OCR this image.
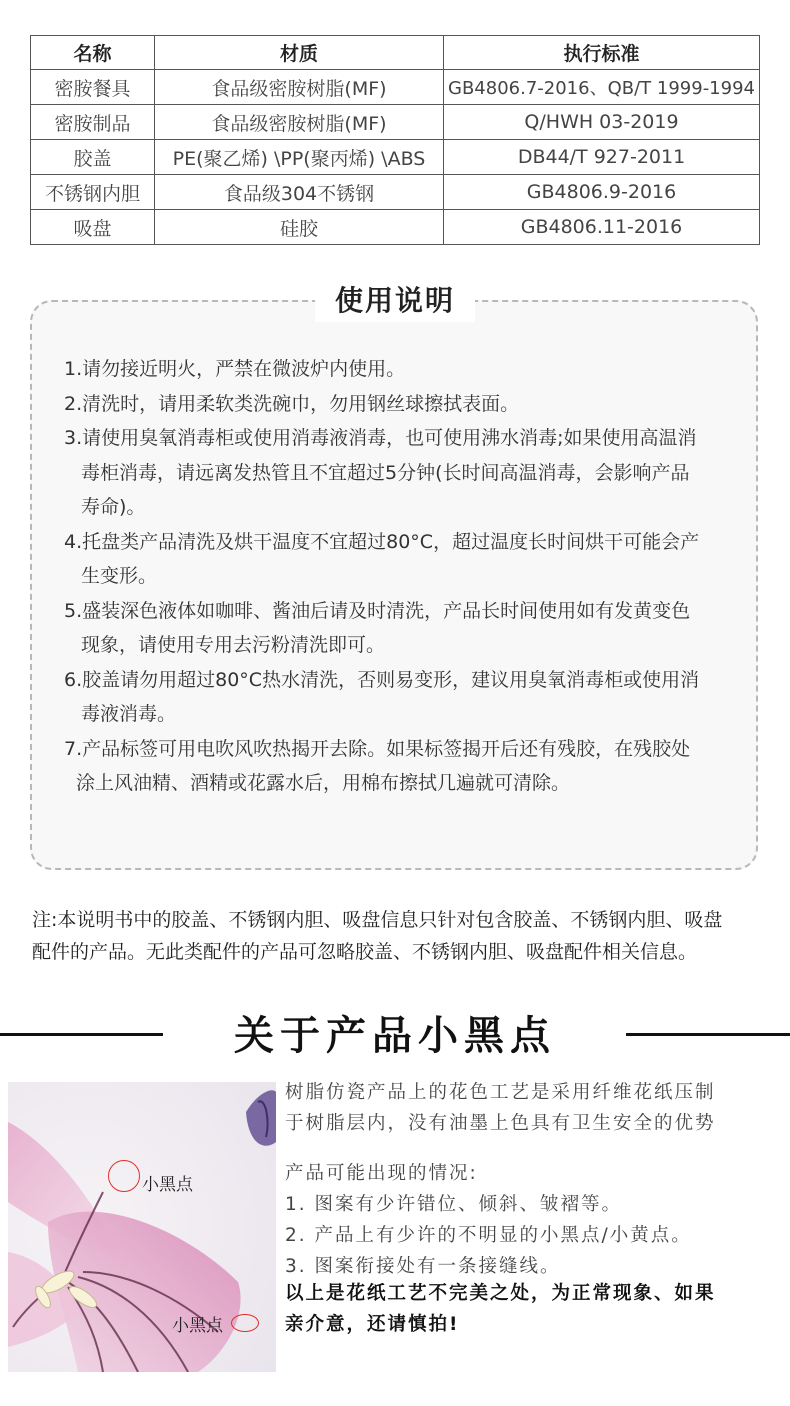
名称	材质	执行标准
密胺餐具	食品级密胺树脂(MF)	GB4806.7-2016、QB/T 1999-1994
密胺制品	食品级密胺树脂(MF)	Q/HWH 03-2019
胶盖	PE(聚乙烯) \PP(聚丙烯) \ABS	DB44/T 927-2011
不锈钢内胆	食品级304不锈钢	GB4806.9-2016
吸盘	硅胶	GB4806.11-2016
使用说明
1.请勿接近明火，严禁在微波炉内使用。
2.清洗时，请用柔软类洗碗巾，勿用钢丝球擦拭表面。
3.请使用臭氧消毒柜或使用消毒液消毒，也可使用沸水消毒;如果使用高温消
毒柜消毒，请远离发热管且不宜超过5分钟(长时间高温消毒，会影响产品
寿命)。
4.托盘类产品清洗及烘干温度不宜超过80°C，超过温度长时间烘干可能会产
生变形。
5.盛装深色液体如咖啡、酱油后请及时清洗，产品长时间使用如有发黄变色
现象，请使用专用去污粉清洗即可。
6.胶盖请勿用超过80°C热水清洗，否则易变形，建议用臭氧消毒柜或使用消
毒液消毒。
7.产品标签可用电吹风吹热揭开去除。如果标签揭开后还有残胶，在残胶处
涂上风油精、酒精或花露水后，用棉布擦拭几遍就可清除。
注:本说明书中的胶盖、不锈钢内胆、吸盘信息只针对包含胶盖、不锈钢内胆、吸盘
配件的产品。无此类配件的产品可忽略胶盖、不锈钢内胆、吸盘配件相关信息。
关于产品小黑点
小黑点
小黑点
树脂仿瓷产品上的花色工艺是采用纤维花纸压制
于树脂层内，没有油墨上色具有卫生安全的优势
产品可能出现的情况:
1. 图案有少许错位、倾斜、皱褶等。
2. 产品上有少许的不明显的小黑点/小黄点。
3. 图案衔接处有一条接缝线。
以上是花纸工艺不完美之处，为正常现象、如果
亲介意，还请慎拍!
